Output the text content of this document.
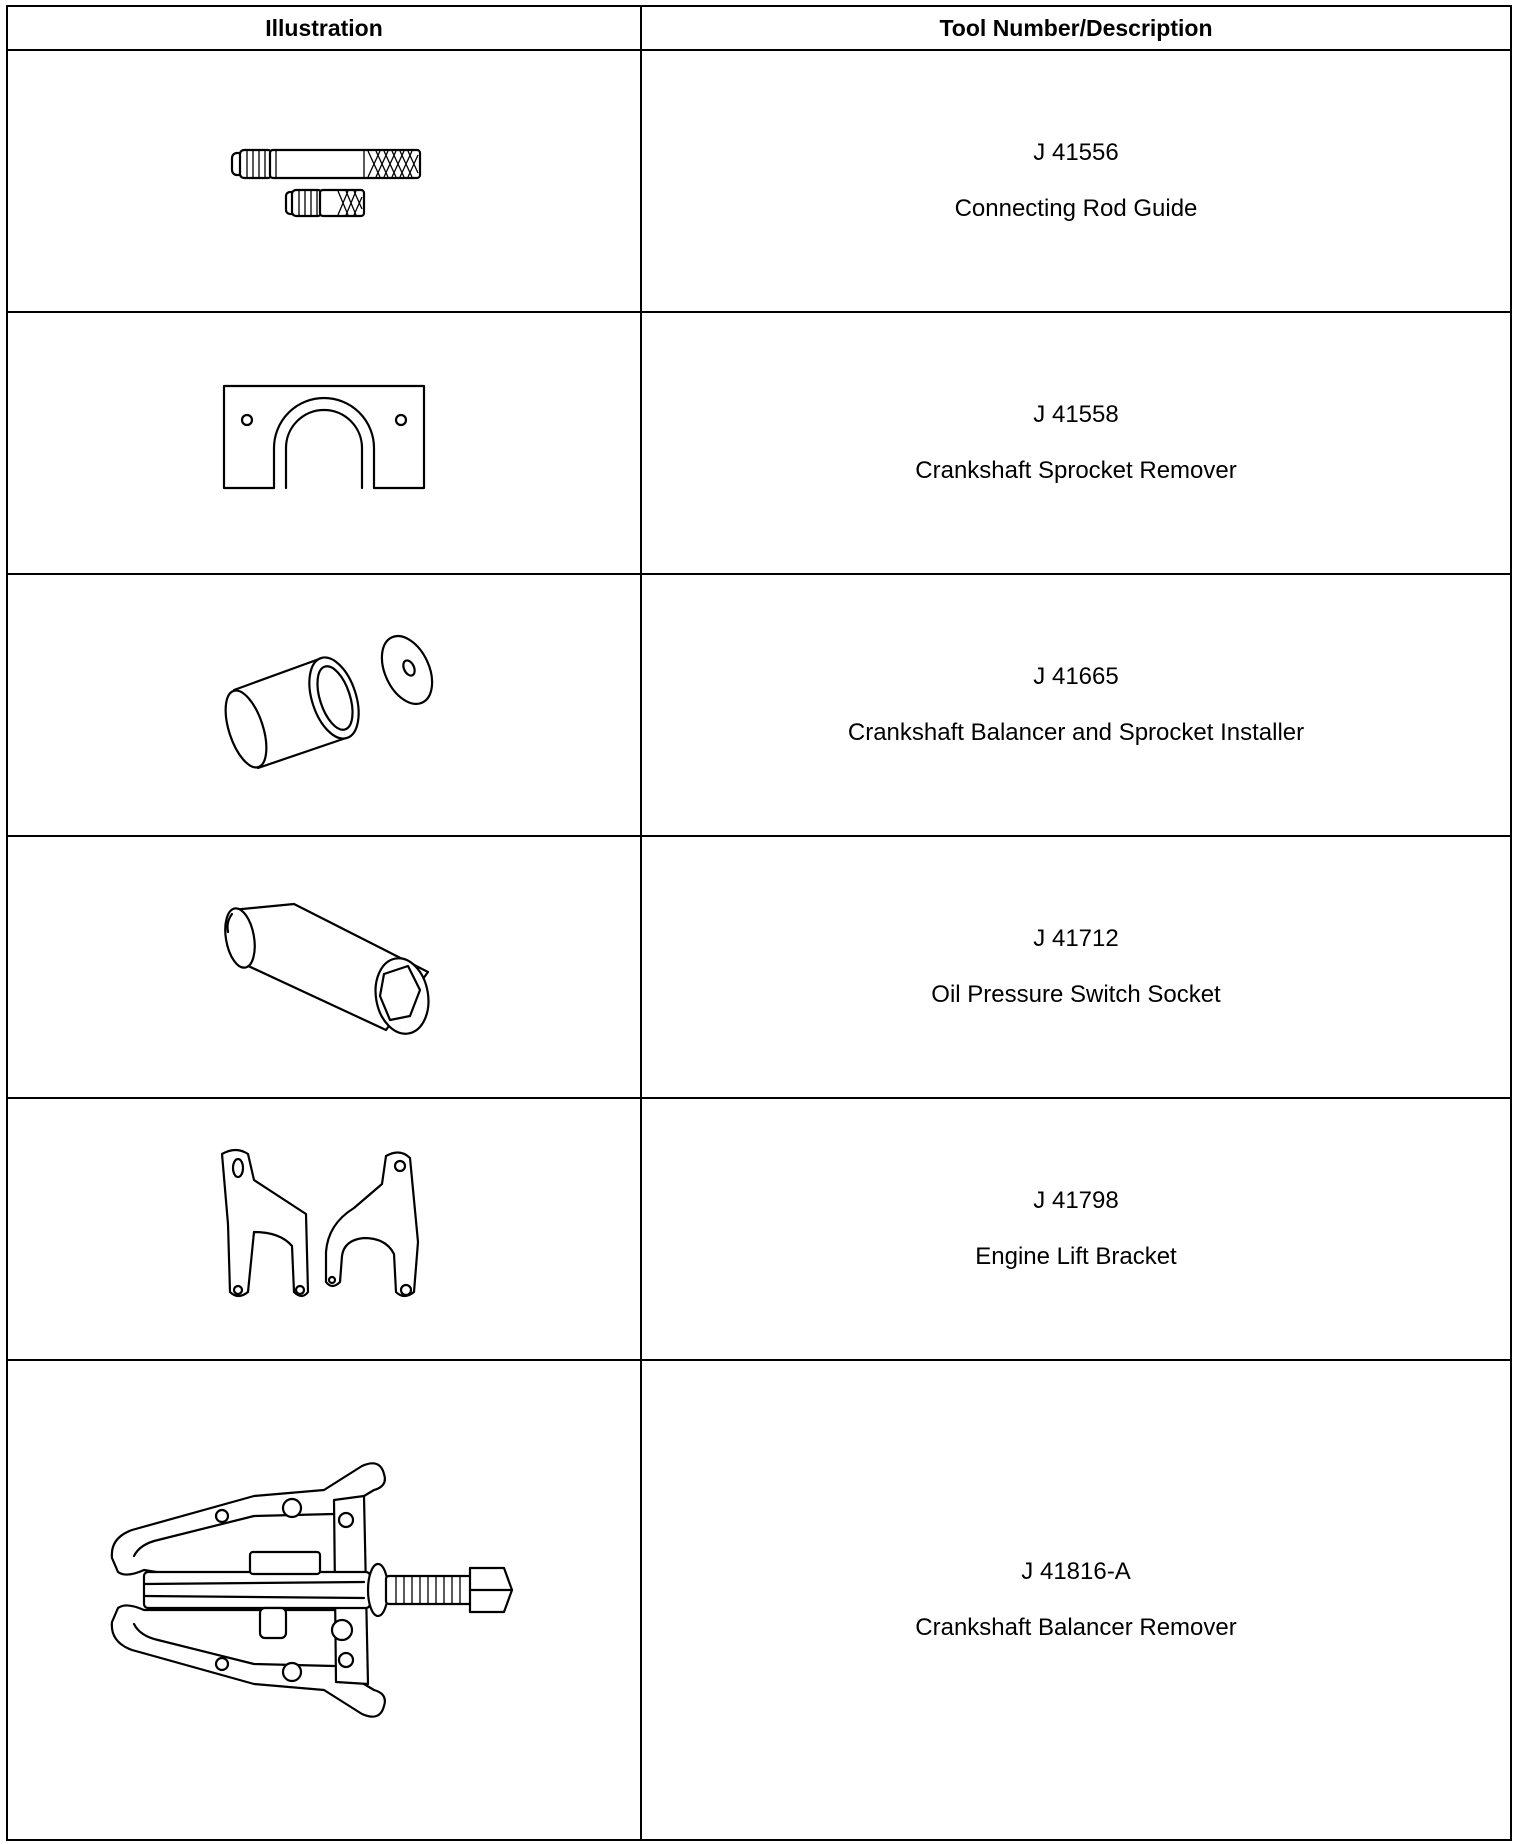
Illustration	Tool Number/Description

J 41556
Connecting Rod Guide

J 41558
Crankshaft Sprocket Remover

J 41665
Crankshaft Balancer and Sprocket Installer

J 41712
Oil Pressure Switch Socket

J 41798
Engine Lift Bracket

J 41816-A
Crankshaft Balancer Remover
